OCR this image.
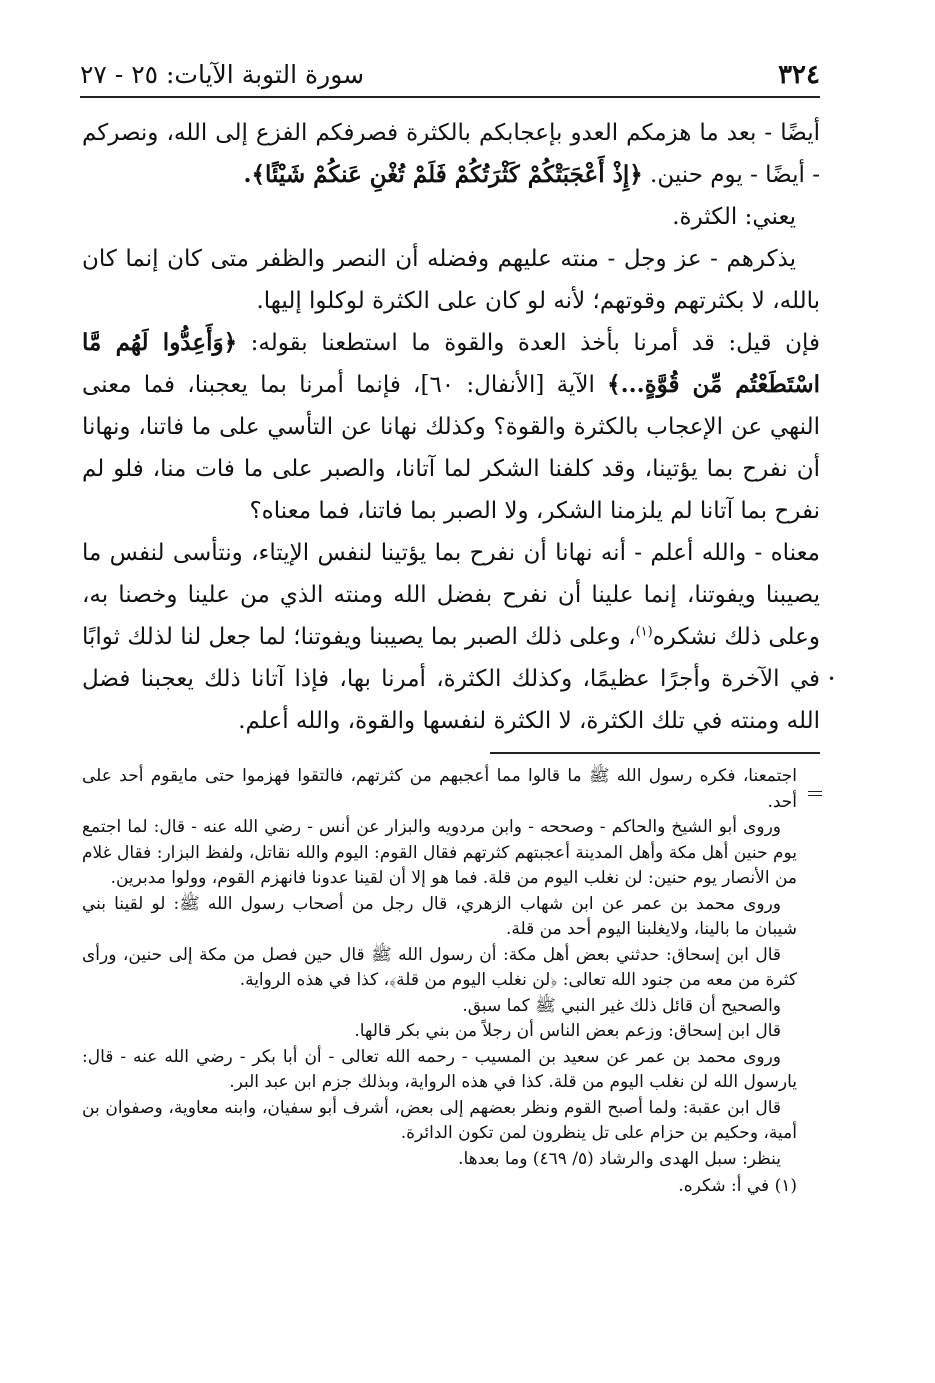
٣٢٤
سورة التوبة الآيات: ٢٥ - ٢٧

أيضًا - بعد ما هزمكم العدو بإعجابكم بالكثرة فصرفكم الفزع إلى الله، ونصركم - أيضًا - يوم حنين. ﴿إِذْ أَعْجَبَتْكُمْ كَثْرَتُكُمْ فَلَمْ تُغْنِ عَنكُمْ شَيْئًا﴾.

يعني: الكثرة.

يذكرهم - عز وجل - منته عليهم وفضله أن النصر والظفر متى كان إنما كان بالله، لا بكثرتهم وقوتهم؛ لأنه لو كان على الكثرة لوكلوا إليها.

فإن قيل: قد أمرنا بأخذ العدة والقوة ما استطعنا بقوله: ﴿وَأَعِدُّوا لَهُم مَّا اسْتَطَعْتُم مِّن قُوَّةٍ...﴾ الآية [الأنفال: ٦٠]، فإنما أمرنا بما يعجبنا، فما معنى النهي عن الإعجاب بالكثرة والقوة؟ وكذلك نهانا عن التأسي على ما فاتنا، ونهانا أن نفرح بما يؤتينا، وقد كلفنا الشكر لما آتانا، والصبر على ما فات منا، فلو لم نفرح بما آتانا لم يلزمنا الشكر، ولا الصبر بما فاتنا، فما معناه؟

معناه - والله أعلم - أنه نهانا أن نفرح بما يؤتينا لنفس الإيتاء، ونتأسى لنفس ما يصيبنا ويفوتنا، إنما علينا أن نفرح بفضل الله ومنته الذي من علينا وخصنا به، وعلى ذلك نشكره$^{(١)}$، وعلى ذلك الصبر بما يصيبنا ويفوتنا؛ لما جعل لنا لذلك ثوابًا في الآخرة وأجرًا عظيمًا، وكذلك الكثرة، أمرنا بها، فإذا آتانا ذلك يعجبنا فضل الله ومنته في تلك الكثرة، لا الكثرة لنفسها والقوة، والله أعلم.

•

اجتمعنا، فكره رسول الله ﷺ ما قالوا مما أعجبهم من كثرتهم، فالتقوا فهزموا حتى مايقوم أحد على أحد.

وروى أبو الشيخ والحاكم - وصححه - وابن مردويه والبزار عن أنس - رضي الله عنه - قال: لما اجتمع يوم حنين أهل مكة وأهل المدينة أعجبتهم كثرتهم فقال القوم: اليوم والله نقاتل، ولفظ البزار: فقال غلام من الأنصار يوم حنين: لن نغلب اليوم من قلة. فما هو إلا أن لقينا عدونا فانهزم القوم، وولوا مدبرين.

وروى محمد بن عمر عن ابن شهاب الزهري، قال رجل من أصحاب رسول الله ﷺ: لو لقينا بني شيبان ما بالينا، ولايغلبنا اليوم أحد من قلة.

قال ابن إسحاق: حدثني بعض أهل مكة: أن رسول الله ﷺ قال حين فصل من مكة إلى حنين، ورأى كثرة من معه من جنود الله تعالى: ﴿لن نغلب اليوم من قلة﴾، كذا في هذه الرواية.

والصحيح أن قائل ذلك غير النبي ﷺ كما سبق.

قال ابن إسحاق: وزعم بعض الناس أن رجلاً من بني بكر قالها.

وروى محمد بن عمر عن سعيد بن المسيب - رحمه الله تعالى - أن أبا بكر - رضي الله عنه - قال: يارسول الله لن نغلب اليوم من قلة. كذا في هذه الرواية، وبذلك جزم ابن عبد البر.

قال ابن عقبة: ولما أصبح القوم ونظر بعضهم إلى بعض، أشرف أبو سفيان، وابنه معاوية، وصفوان بن أمية، وحكيم بن حزام على تل ينظرون لمن تكون الدائرة.

ينظر: سبل الهدى والرشاد (٥/ ٤٦٩) وما بعدها.

(١) في أ: شكره.
